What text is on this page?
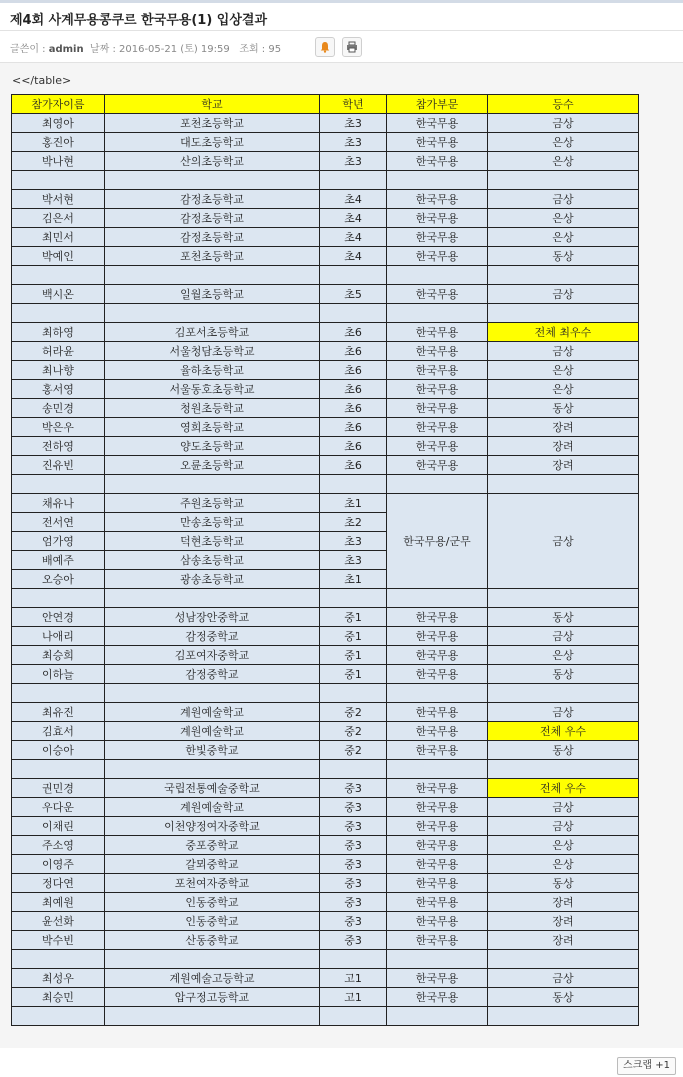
제4회 사계무용콩쿠르 한국무용(1) 입상결과
글쓴이 : admin 날짜 : 2016-05-21 (토) 19:59 조회 : 95
<</table>
참가자이름	학교	학년	참가부문	등수
최영아	포천초등학교	초3	한국무용	금상
홍진아	대도초등학교	초3	한국무용	은상
박나현	산의초등학교	초3	한국무용	은상

박서현	감정초등학교	초4	한국무용	금상
김은서	감정초등학교	초4	한국무용	은상
최민서	감정초등학교	초4	한국무용	은상
박예인	포천초등학교	초4	한국무용	동상

백시온	일월초등학교	초5	한국무용	금상

최하영	김포서초등학교	초6	한국무용	전체 최우수
허라윤	서울청담초등학교	초6	한국무용	금상
최나향	율하초등학교	초6	한국무용	은상
홍서영	서울동호초등학교	초6	한국무용	은상
송민경	청원초등학교	초6	한국무용	동상
박은우	영희초등학교	초6	한국무용	장려
전하영	양도초등학교	초6	한국무용	장려
진유빈	오륜초등학교	초6	한국무용	장려

채유나	주원초등학교	초1	한국무용/군무	금상
전서연	만송초등학교	초2		
엄가영	덕현초등학교	초3		
배예주	삼송초등학교	초3		
오승아	광송초등학교	초1		

안연경	성남장안중학교	중1	한국무용	동상
나애리	감정중학교	중1	한국무용	금상
최승희	김포여자중학교	중1	한국무용	은상
이하늘	감정중학교	중1	한국무용	동상

최유진	계원예술학교	중2	한국무용	금상
김효서	계원예술학교	중2	한국무용	전체 우수
이승아	한빛중학교	중2	한국무용	동상

권민경	국립전통예술중학교	중3	한국무용	전체 우수
우다운	계원예술학교	중3	한국무용	금상
이채린	이천양정여자중학교	중3	한국무용	금상
주소영	중포중학교	중3	한국무용	은상
이영주	갈뫼중학교	중3	한국무용	은상
정다연	포천여자중학교	중3	한국무용	동상
최예원	인동중학교	중3	한국무용	장려
윤선화	인동중학교	중3	한국무용	장려
박수빈	산동중학교	중3	한국무용	장려

최성우	계원예술고등학교	고1	한국무용	금상
최승민	압구정고등학교	고1	한국무용	동상

스크랩 +1
